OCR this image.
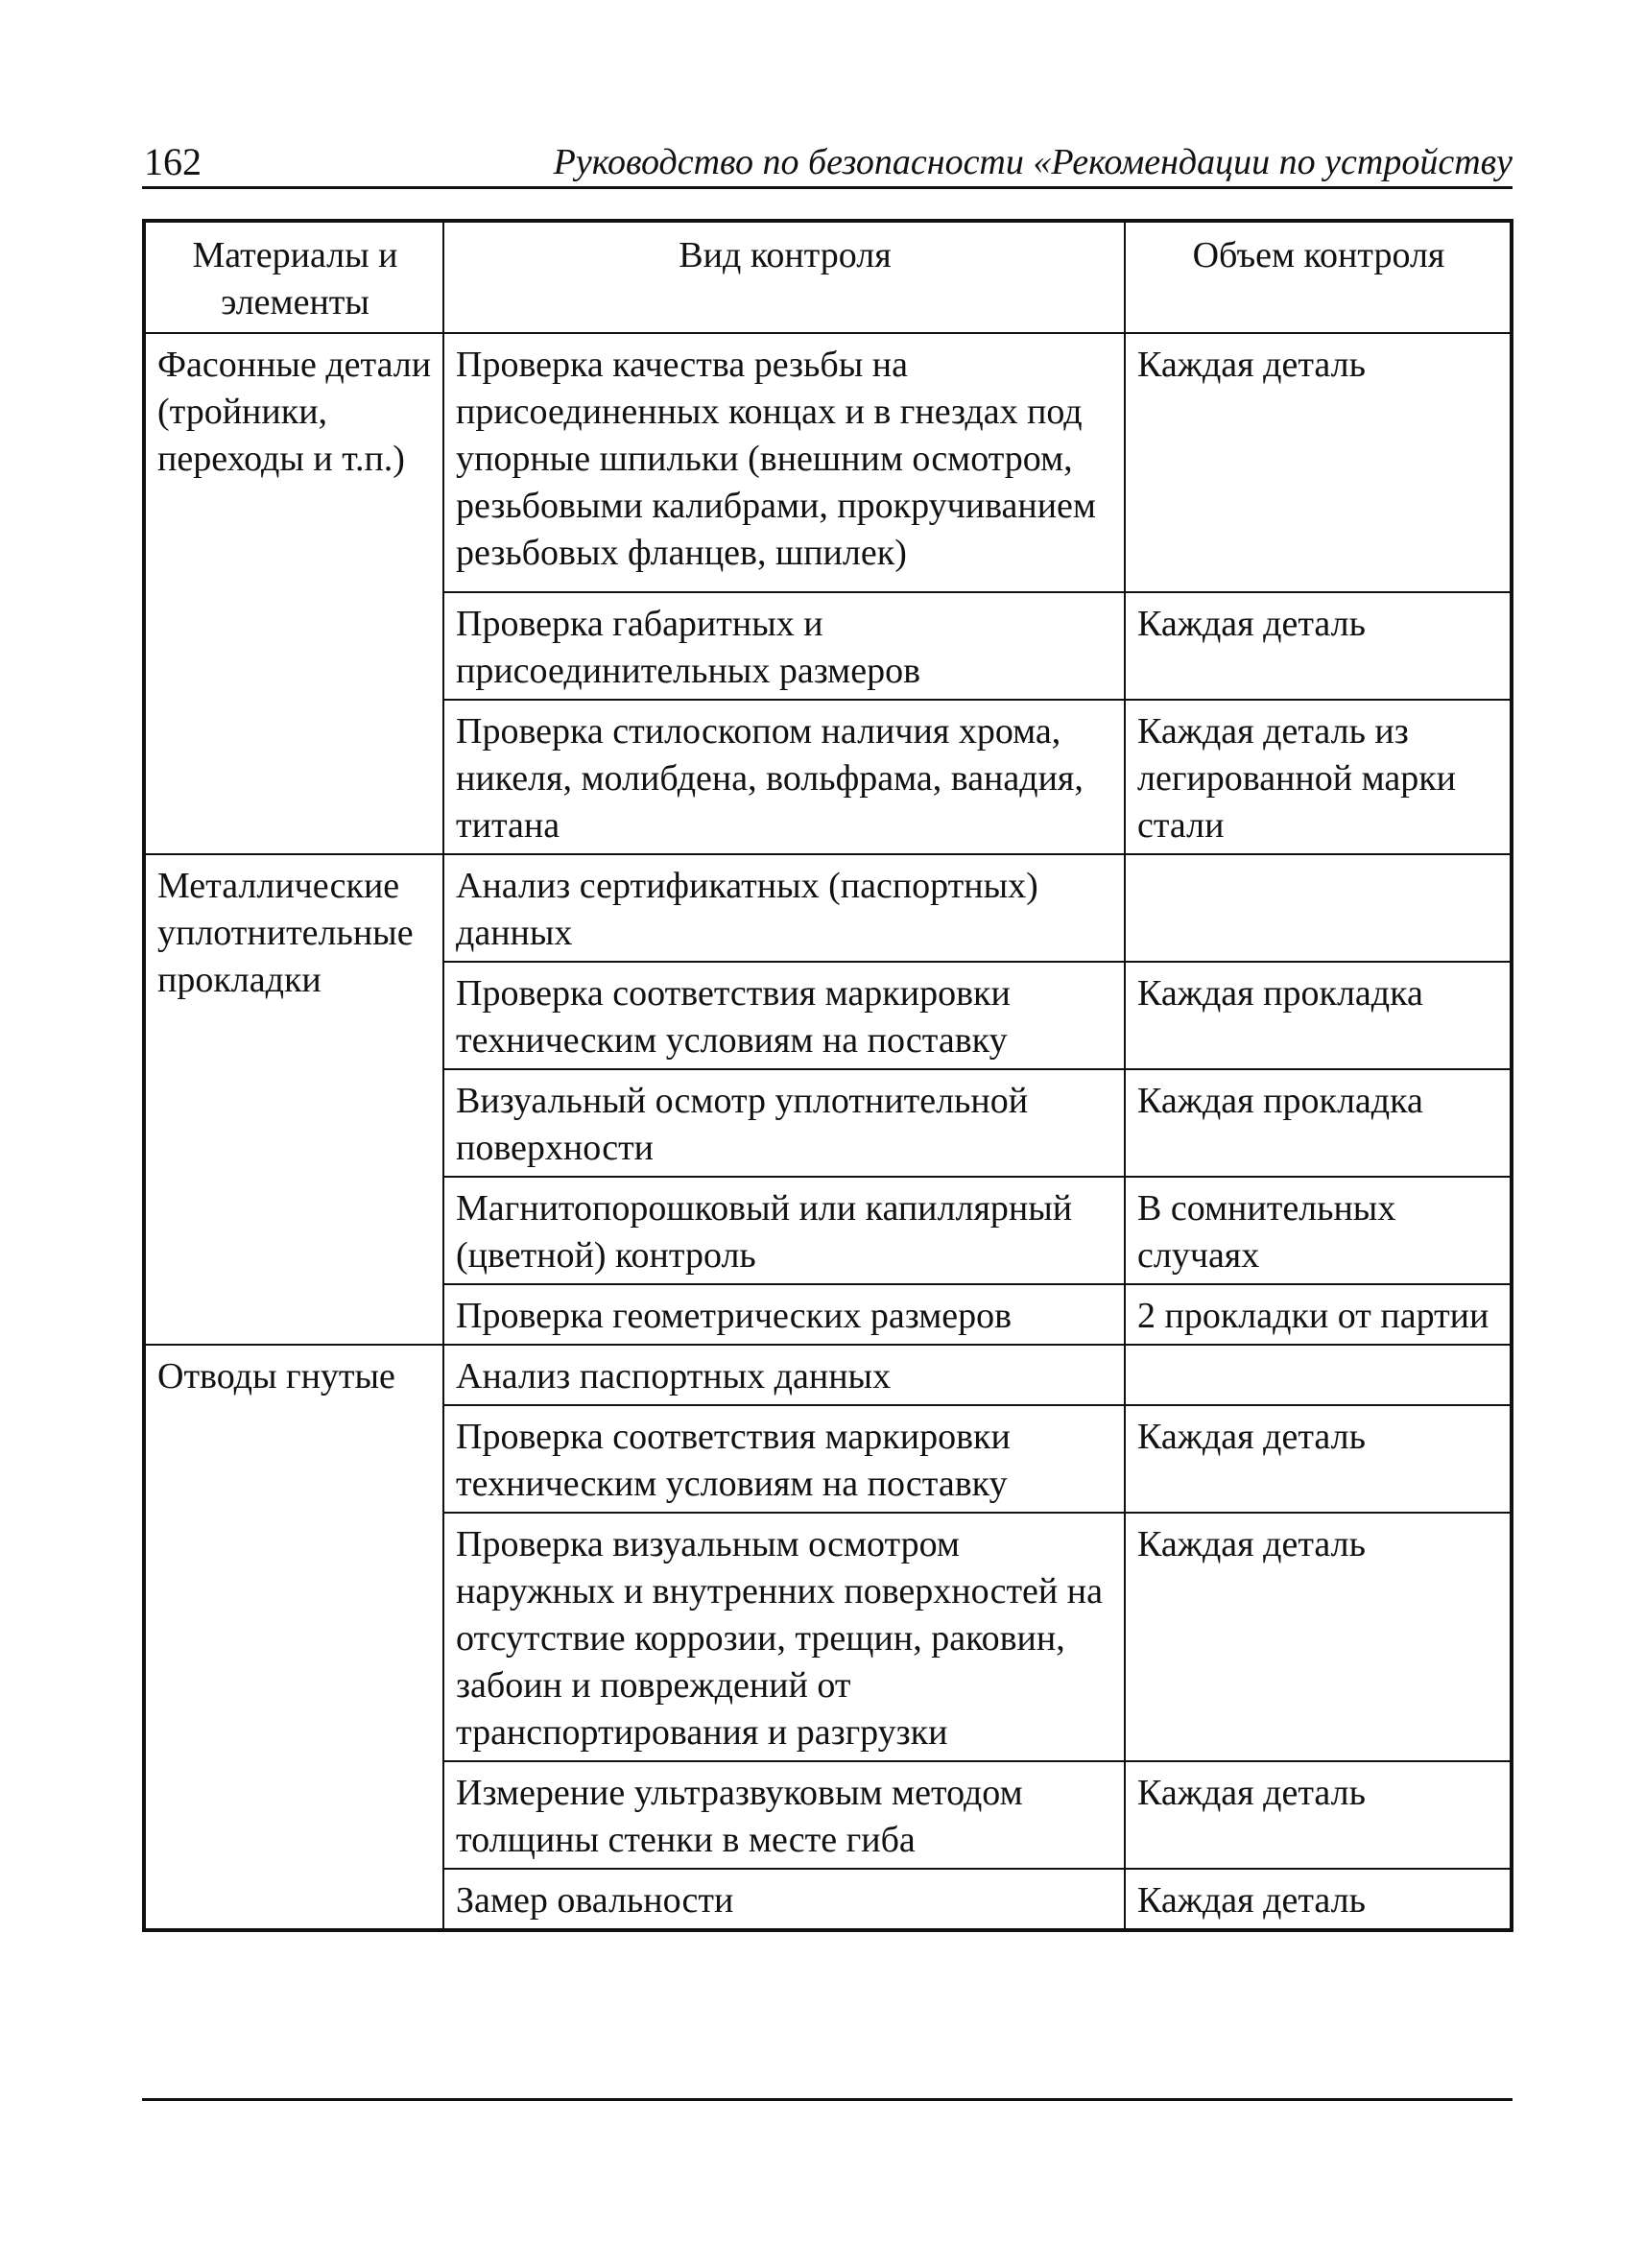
162	Руководство по безопасности «Рекомендации по устройству
Материалы и элементы	Вид контроля	Объем контроля
Фасонные детали (тройники, переходы и т.п.)	Проверка качества резьбы на присоединенных концах и в гнездах под упорные шпильки (внешним осмотром, резьбовыми калибрами, прокручиванием резьбовых фланцев, шпилек)	Каждая деталь
	Проверка габаритных и присоединительных размеров	Каждая деталь
	Проверка стилоскопом наличия хрома, никеля, молибдена, вольфрама, ванадия, титана	Каждая деталь из легированной марки стали
Металлические уплотнительные прокладки	Анализ сертификатных (паспортных) данных	
	Проверка соответствия маркировки техническим условиям на поставку	Каждая прокладка
	Визуальный осмотр уплотнительной поверхности	Каждая прокладка
	Магнитопорошковый или капиллярный (цветной) контроль	В сомнительных случаях
	Проверка геометрических размеров	2 прокладки от партии
Отводы гнутые	Анализ паспортных данных	
	Проверка соответствия маркировки техническим условиям на поставку	Каждая деталь
	Проверка визуальным осмотром наружных и внутренних поверхностей на отсутствие коррозии, трещин, раковин, забоин и повреждений от транспортирования и разгрузки	Каждая деталь
	Измерение ультразвуковым методом толщины стенки в месте гиба	Каждая деталь
	Замер овальности	Каждая деталь
